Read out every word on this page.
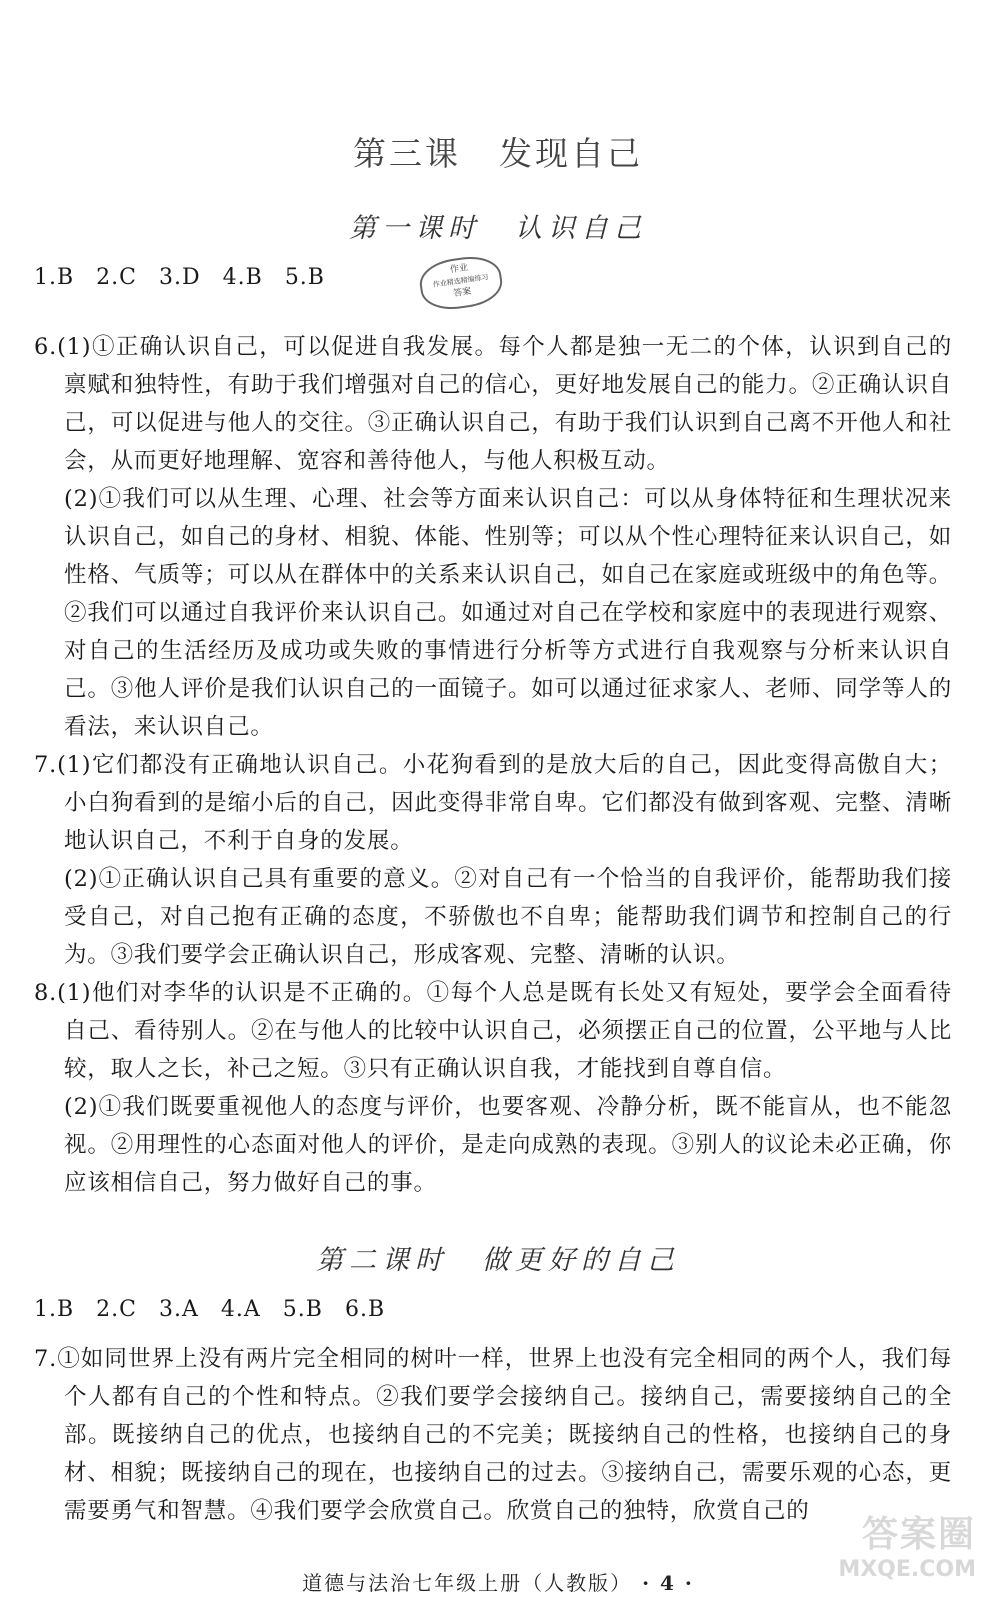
第三课 发现自己
第一课时 认识自己
1.B 2.C 3.D 4.B 5.B	作业
作业精选精编练习
答案

6.(1)①正确认识自己，可以促进自我发展。每个人都是独一无二的个体，认识到自己的禀赋和独特性，有助于我们增强对自己的信心，更好地发展自己的能力。②正确认识自己，可以促进与他人的交往。③正确认识自己，有助于我们认识到自己离不开他人和社会，从而更好地理解、宽容和善待他人，与他人积极互动。

(2)①我们可以从生理、心理、社会等方面来认识自己：可以从身体特征和生理状况来认识自己，如自己的身材、相貌、体能、性别等；可以从个性心理特征来认识自己，如性格、气质等；可以从在群体中的关系来认识自己，如自己在家庭或班级中的角色等。②我们可以通过自我评价来认识自己。如通过对自己在学校和家庭中的表现进行观察、对自己的生活经历及成功或失败的事情进行分析等方式进行自我观察与分析来认识自己。③他人评价是我们认识自己的一面镜子。如可以通过征求家人、老师、同学等人的看法，来认识自己。

7.(1)它们都没有正确地认识自己。小花狗看到的是放大后的自己，因此变得高傲自大；小白狗看到的是缩小后的自己，因此变得非常自卑。它们都没有做到客观、完整、清晰地认识自己，不利于自身的发展。

(2)①正确认识自己具有重要的意义。②对自己有一个恰当的自我评价，能帮助我们接受自己，对自己抱有正确的态度，不骄傲也不自卑；能帮助我们调节和控制自己的行为。③我们要学会正确认识自己，形成客观、完整、清晰的认识。

8.(1)他们对李华的认识是不正确的。①每个人总是既有长处又有短处，要学会全面看待自己、看待别人。②在与他人的比较中认识自己，必须摆正自己的位置，公平地与人比较，取人之长，补己之短。③只有正确认识自我，才能找到自尊自信。

(2)①我们既要重视他人的态度与评价，也要客观、冷静分析，既不能盲从，也不能忽视。②用理性的心态面对他人的评价，是走向成熟的表现。③别人的议论未必正确，你应该相信自己，努力做好自己的事。

第二课时 做更好的自己
1.B 2.C 3.A 4.A 5.B 6.B

7.①如同世界上没有两片完全相同的树叶一样，世界上也没有完全相同的两个人，我们每个人都有自己的个性和特点。②我们要学会接纳自己。接纳自己，需要接纳自己的全部。既接纳自己的优点，也接纳自己的不完美；既接纳自己的性格，也接纳自己的身材、相貌；既接纳自己的现在，也接纳自己的过去。③接纳自己，需要乐观的心态，更需要勇气和智慧。④我们要学会欣赏自己。欣赏自己的独特，欣赏自己的

道德与法治七年级上册（人教版） · 4 ·
答案圈
MXQE.COM
